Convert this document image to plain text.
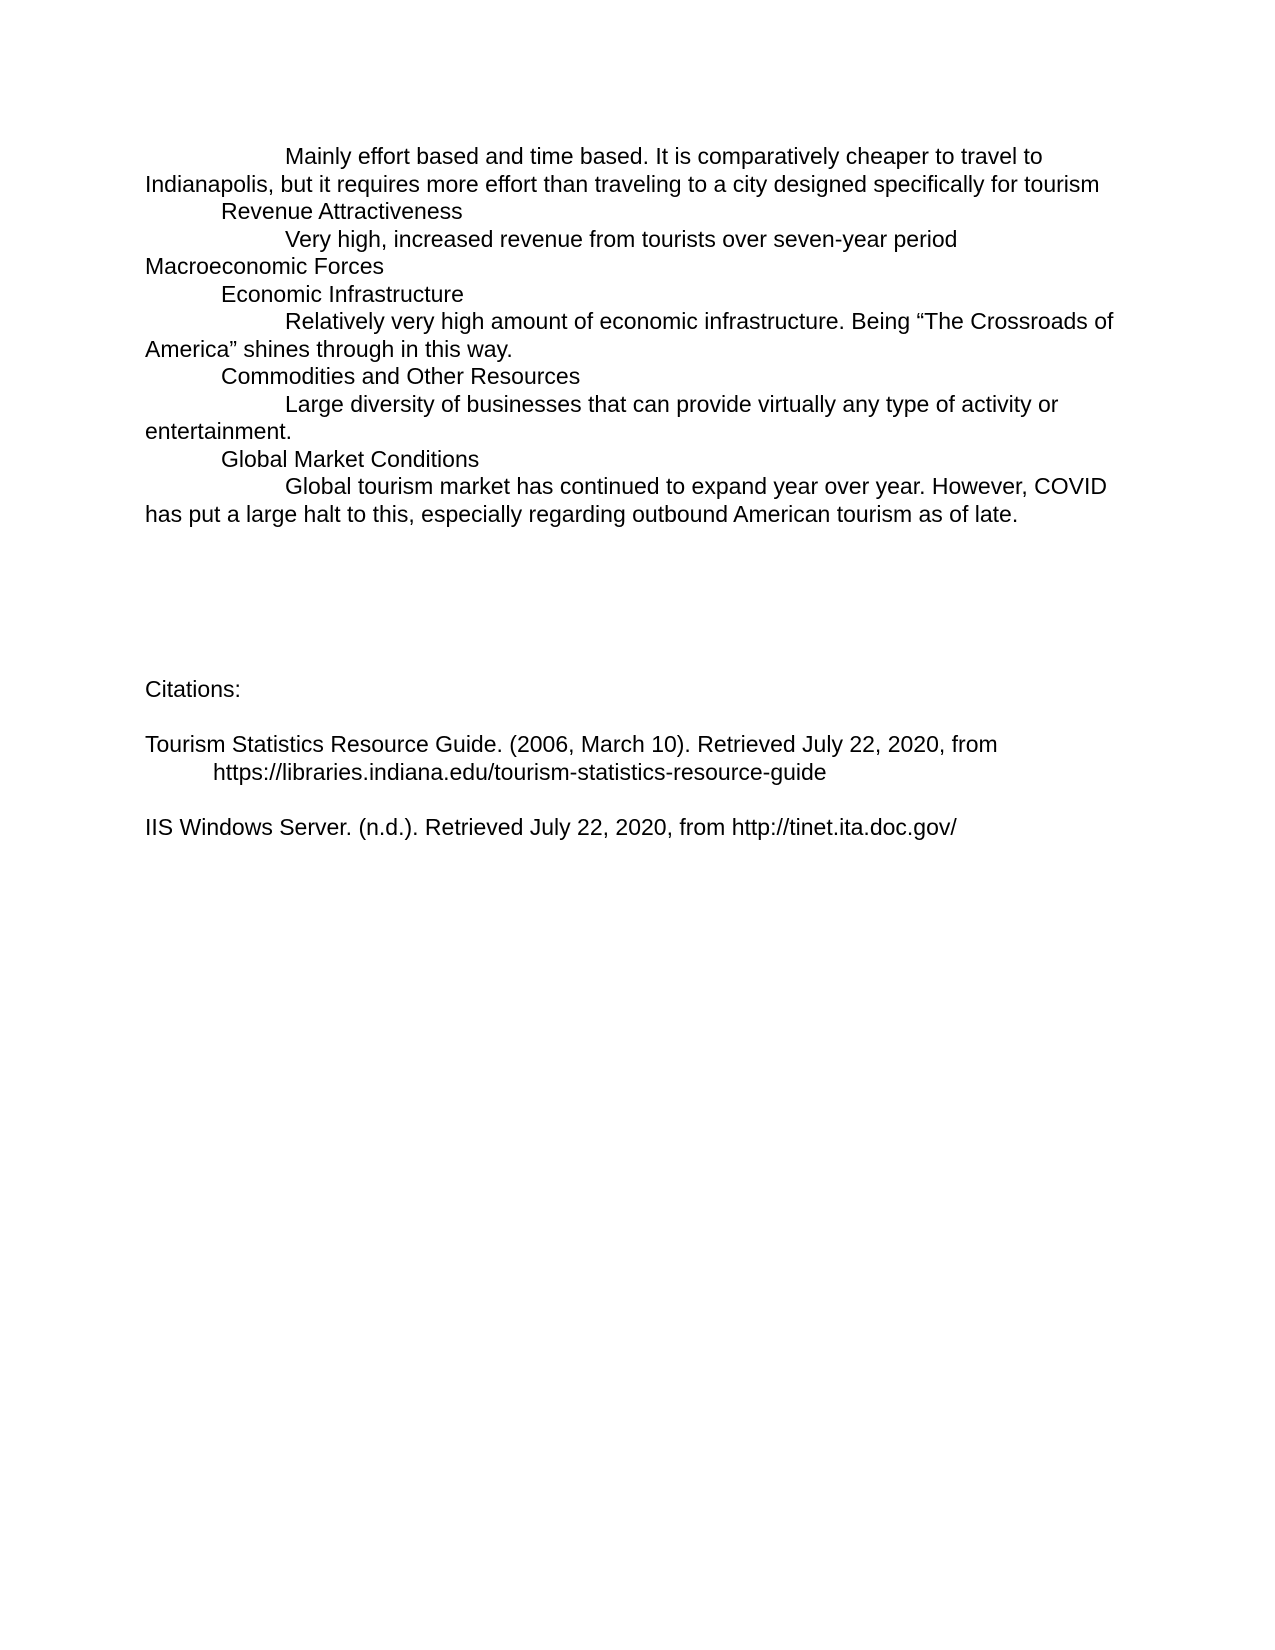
Mainly effort based and time based. It is comparatively cheaper to travel to Indianapolis, but it requires more effort than traveling to a city designed specifically for tourism

Revenue Attractiveness

Very high, increased revenue from tourists over seven-year period

Macroeconomic Forces

Economic Infrastructure

Relatively very high amount of economic infrastructure. Being “The Crossroads of America” shines through in this way.

Commodities and Other Resources

Large diversity of businesses that can provide virtually any type of activity or entertainment.

Global Market Conditions

Global tourism market has continued to expand year over year. However, COVID has put a large halt to this, especially regarding outbound American tourism as of late.

Citations:

Tourism Statistics Resource Guide. (2006, March 10). Retrieved July 22, 2020, from https://libraries.indiana.edu/tourism-statistics-resource-guide

IIS Windows Server. (n.d.). Retrieved July 22, 2020, from http://tinet.ita.doc.gov/
